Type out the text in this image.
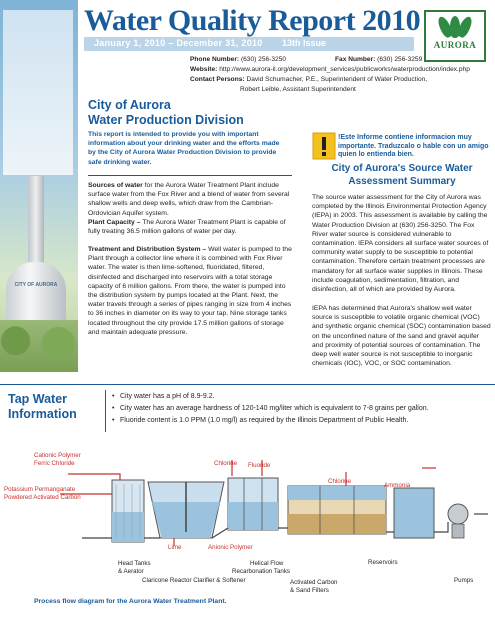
CITY OF AURORA
Water Quality Report 2010
January 1, 2010 – December 31, 2010 13th Issue	AURORA
Phone Number: (630) 256-3250	Fax Number: (630) 256-3259
Website: http://www.aurora-il.org/development_services/publicworks/waterproduction/index.php
Contact Persons: David Schumacher, P.E., Superintendent of Water Production,
Robert Leible, Assistant Superintendent
City of Aurora
Water Production Division
This report is intended to provide you with important information about your drinking water and the efforts made by the City of Aurora Water Production Division to provide safe drinking water.
Sources of water for the Aurora Water Treatment Plant include surface water from the Fox River and a blend of water from several shallow wells and deep wells, which draw from the Cambrian-Ordovician Aquifer system.
Plant Capacity – The Aurora Water Treatment Plant is capable of fully treating 36.5 million gallons of water per day.
Treatment and Distribution System – Well water is pumped to the Plant through a collector line where it is combined with Fox River water. The water is then lime-softened, fluoridated, filtered, disinfected and discharged into reservoirs with a total storage capacity of 6 million gallons. From there, the water is pumped into the distribution system by pumps located at the Plant. Next, the water travels through a series of pipes ranging in size from 4 inches to 36 inches in diameter on its way to your tap. Nine storage tanks located throughout the city provide 17.5 million gallons of storage and maintain adequate pressure.
!Este Informe contiene informacion muy importante. Traduzcalo o hable con un amigo quien lo entienda bien.
City of Aurora's Source Water
Assessment Summary
The source water assessment for the City of Aurora was completed by the Illinois Environmental Protection Agency (IEPA) in 2003. This assessment is available by calling the Water Production Division at (630) 256-3250. The Fox River water source is considered vulnerable to contamination. IEPA considers all surface water sources of community water supply to be susceptible to potential contamination. Therefore certain treatment processes are mandatory for all surface water supplies in Illinois. These include coagulation, sedimentation, filtration, and disinfection, all of which are provided by Aurora.
IEPA has determined that Aurora's shallow well water source is susceptible to volatile organic chemical (VOC) and synthetic organic chemical (SOC) contamination based on the unconfined nature of the sand and gravel aquifer and proximity of potential sources of contamination. The deep well water source is not susceptible to inorganic chemicals (IOC), VOC, or SOC contamination.
Tap Water
Information
• City water has a pH of 8.9-9.2.
• City water has an average hardness of 120-140 mg/liter which is equivalent to 7-8 grains per gallon.
• Fluoride content is 1.0 PPM (1.0 mg/l) as required by the Illinois Department of Public Health.
Cationic Polymer
Ferric Chloride
Potassium Permanganate
Powdered Activated Carbon
Chlorine Fluoride
Chlorine
Ammonia
Lime	Anionic Polymer
Head Tanks
& Aerator
Helical Flow
Recarbonation Tanks
Claricone Reactor Clarifier & Softener	Activated Carbon
& Sand Filters
Reservoirs
Pumps
Process flow diagram for the Aurora Water Treatment Plant.
